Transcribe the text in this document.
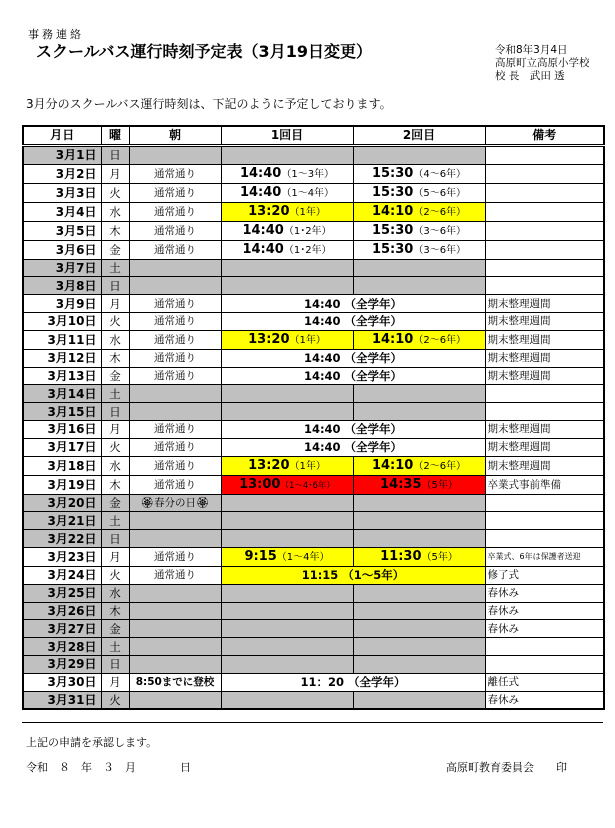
事務連絡
スクールバス運行時刻予定表（3月19日変更）	令和8年3月4日
高原町立高原小学校
校 長　武田 透
3月分のスクールバス運行時刻は、下記のように予定しております。
月日	曜	朝	1回目	2回目	備考
3月1日	日				
3月2日	月	通常通り	14:40（1～3年）	15:30（4～6年）	
3月3日	火	通常通り	14:40（1～4年）	15:30（5～6年）	
3月4日	水	通常通り	13:20（1年）	14:10（2～6年）	
3月5日	木	通常通り	14:40（1･2年）	15:30（3～6年）	
3月6日	金	通常通り	14:40（1･2年）	15:30（3～6年）	
3月7日	土				
3月8日	日				
3月9日	月	通常通り	14:40 （全学年）		期末整理週間
3月10日	火	通常通り	14:40 （全学年）		期末整理週間
3月11日	水	通常通り	13:20（1年）	14:10（2～6年）	期末整理週間
3月12日	木	通常通り	14:40 （全学年）		期末整理週間
3月13日	金	通常通り	14:40 （全学年）		期末整理週間
3月14日	土				
3月15日	日				
3月16日	月	通常通り	14:40 （全学年）		期末整理週間
3月17日	火	通常通り	14:40 （全学年）		期末整理週間
3月18日	水	通常通り	13:20（1年）	14:10（2～6年）	期末整理週間
3月19日	木	通常通り	13:00（1～4･6年）	14:35（5年）	卒業式事前準備
3月20日	金	🏵春分の日🏵			
3月21日	土				
3月22日	日				
3月23日	月	通常通り	9:15（1～4年）	11:30（5年）	卒業式、6年は保護者送迎
3月24日	火	通常通り	11:15 （1～5年）		修了式
3月25日	水				春休み
3月26日	木				春休み
3月27日	金				春休み
3月28日	土				
3月29日	日				
3月30日	月	8:50までに登校	11：20 （全学年）		離任式
3月31日	火				春休み
上記の申請を承認します。
令和　８　年　３　月　　　　日	高原町教育委員会　　印
